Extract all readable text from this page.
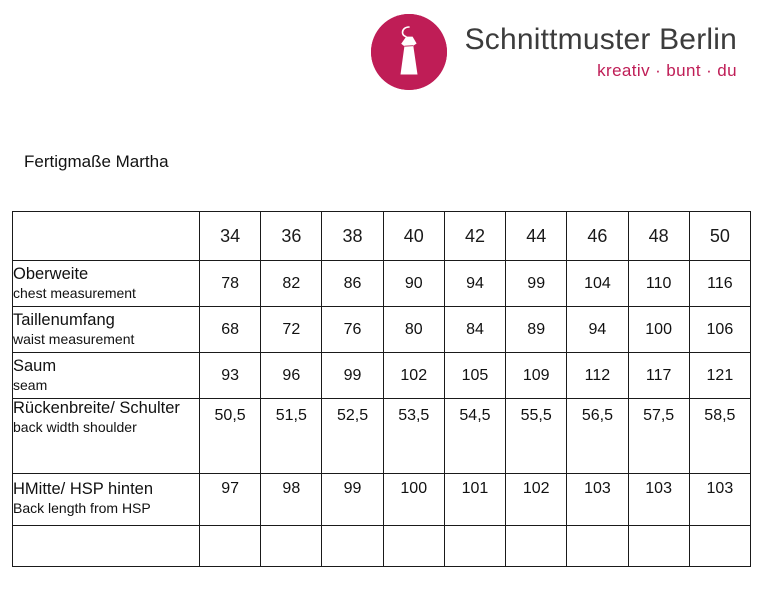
Schnittmuster Berlin
kreativ · bunt · du
Fertigmaße Martha
	34	36	38	40	42	44	46	48	50

Oberweite
chest measurement	78	82	86	90	94	99	104	110	116

Taillenumfang
waist measurement	68	72	76	80	84	89	94	100	106

Saum
seam	93	96	99	102	105	109	112	117	121

Rückenbreite/ Schulter
back width shoulder	50,5	51,5	52,5	53,5	54,5	55,5	56,5	57,5	58,5

HMitte/ HSP hinten
Back length from HSP	97	98	99	100	101	102	103	103	103
